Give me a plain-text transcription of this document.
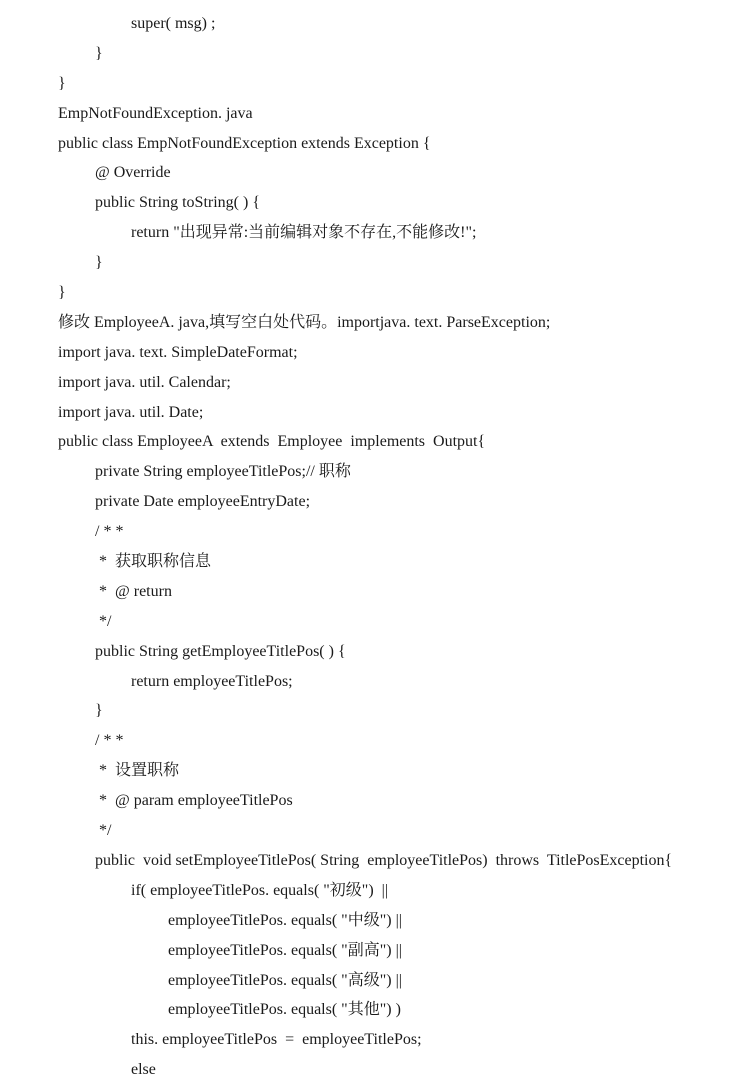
super( msg) ;
}
}
EmpNotFoundException. java
public class EmpNotFoundException extends Exception {
@ Override
public String toString( ) {
return "出现异常:当前编辑对象不存在,不能修改!";
}
}
修改 EmployeeA. java,填写空白处代码。importjava. text. ParseException;
import java. text. SimpleDateFormat;
import java. util. Calendar;
import java. util. Date;
public class EmployeeA  extends  Employee  implements  Output{
private String employeeTitlePos;// 职称
private Date employeeEntryDate;
/ * *
*  获取职称信息
*  @ return
*/
public String getEmployeeTitlePos( ) {
return employeeTitlePos;
}
/ * *
*  设置职称
*  @ param employeeTitlePos
*/
public  void setEmployeeTitlePos( String  employeeTitlePos)  throws  TitlePosException{
if( employeeTitlePos. equals( "初级")  ||
employeeTitlePos. equals( "中级") ||
employeeTitlePos. equals( "副高") ||
employeeTitlePos. equals( "高级") ||
employeeTitlePos. equals( "其他") )
this. employeeTitlePos  =  employeeTitlePos;
else
